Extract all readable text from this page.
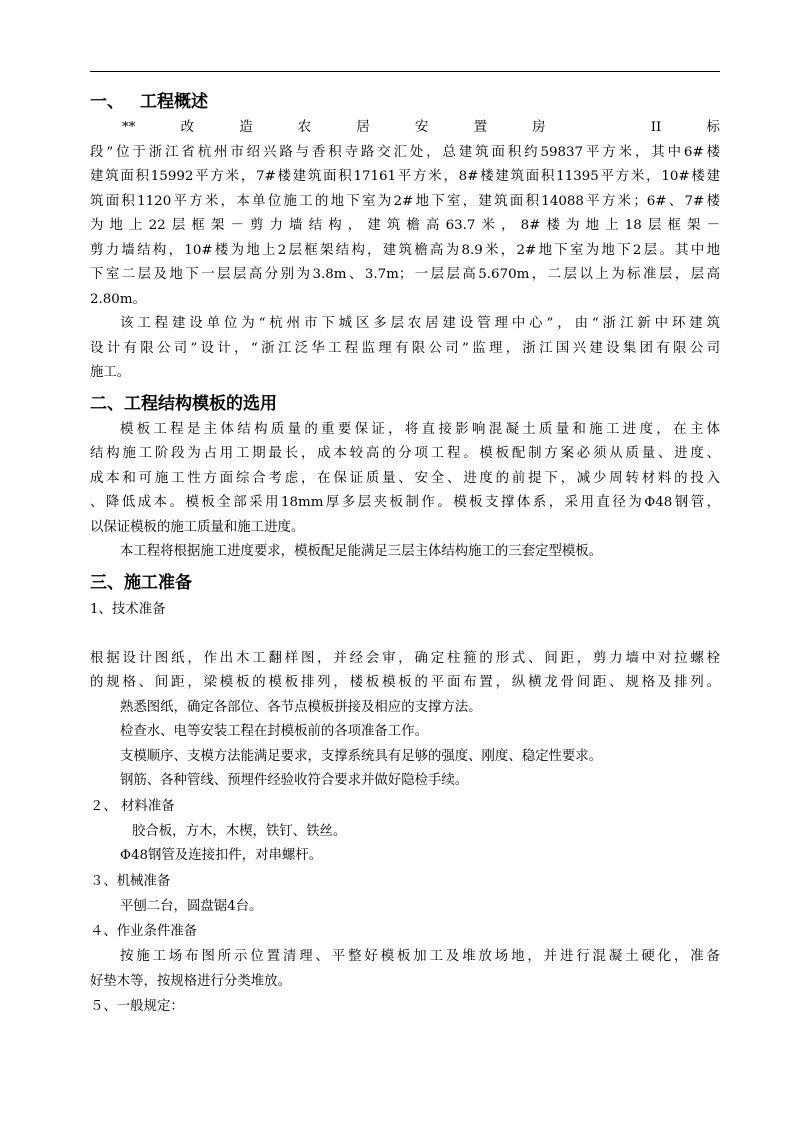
一、 工程概述
**	改	造	农	居	安	置	房	II	标
段”位于浙江省杭州市绍兴路与香积寺路交汇处，总建筑面积约59837平方米，其中6#楼
建筑面积15992平方米，7#楼建筑面积17161平方米，8#楼建筑面积11395平方米，10#楼建
筑面积1120平方米，本单位施工的地下室为2#地下室，建筑面积14088平方米；6#、7#楼
为地上22层框架－剪力墙结构，建筑檐高63.7米，8#楼为地上18层框架－
剪力墙结构，10#楼为地上2层框架结构，建筑檐高为8.9米，2#地下室为地下2层。其中地
下室二层及地下一层层高分别为3.8m、3.7m；一层层高5.670m，二层以上为标准层，层高
2.80m。
该工程建设单位为“杭州市下城区多层农居建设管理中心”，由“浙江新中环建筑
设计有限公司”设计，“浙江泛华工程监理有限公司”监理，浙江国兴建设集团有限公司
施工。
二、工程结构模板的选用
模板工程是主体结构质量的重要保证，将直接影响混凝土质量和施工进度，在主体
结构施工阶段为占用工期最长，成本较高的分项工程。模板配制方案必须从质量、进度、
成本和可施工性方面综合考虑，在保证质量、安全、进度的前提下，减少周转材料的投入
、降低成本。模板全部采用18mm厚多层夹板制作。模板支撑体系，采用直径为Φ48钢管，
以保证模板的施工质量和施工进度。
本工程将根据施工进度要求，模板配足能满足三层主体结构施工的三套定型模板。
三、施工准备
1、技术准备
根据设计图纸，作出木工翻样图，并经会审，确定柱箍的形式、间距，剪力墙中对拉螺栓
的规格、间距，梁模板的模板排列，楼板模板的平面布置，纵横龙骨间距、规格及排列。
熟悉图纸，确定各部位、各节点模板拼接及相应的支撑方法。
检查水、电等安装工程在封模板前的各项准备工作。
支模顺序、支模方法能满足要求，支撑系统具有足够的强度、刚度、稳定性要求。
钢筋、各种管线、预埋件经验收符合要求并做好隐检手续。
２、 材料准备
胶合板，方木，木楔，铁钉、铁丝。
Φ48钢管及连接扣件，对串螺杆。
３、机械准备
平刨二台，圆盘锯4台。
４、作业条件准备
按施工场布图所示位置清理、平整好模板加工及堆放场地，并进行混凝土硬化，准备
好垫木等，按规格进行分类堆放。
５、一般规定：
